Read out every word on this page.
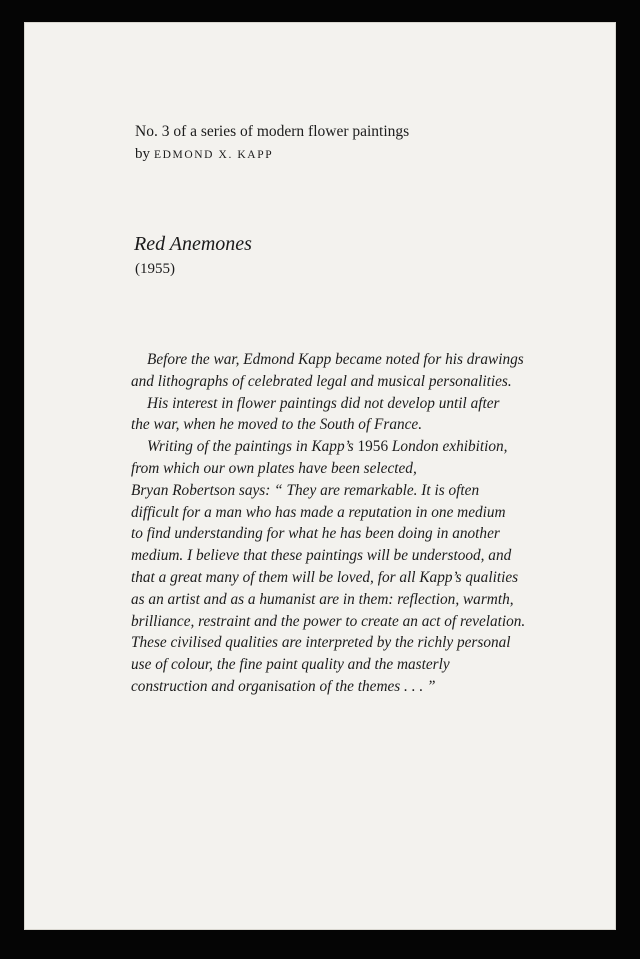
No. 3 of a series of modern flower paintings
by EDMOND X. KAPP
Red Anemones
(1955)
Before the war, Edmond Kapp became noted for his drawings
and lithographs of celebrated legal and musical personalities.
His interest in flower paintings did not develop until after
the war, when he moved to the South of France.
Writing of the paintings in Kapp’s 1956 London exhibition,
from which our own plates have been selected,
Bryan Robertson says: “ They are remarkable. It is often
difficult for a man who has made a reputation in one medium
to find understanding for what he has been doing in another
medium. I believe that these paintings will be understood, and
that a great many of them will be loved, for all Kapp’s qualities
as an artist and as a humanist are in them: reflection, warmth,
brilliance, restraint and the power to create an act of revelation.
These civilised qualities are interpreted by the richly personal
use of colour, the fine paint quality and the masterly
construction and organisation of the themes . . . ”
